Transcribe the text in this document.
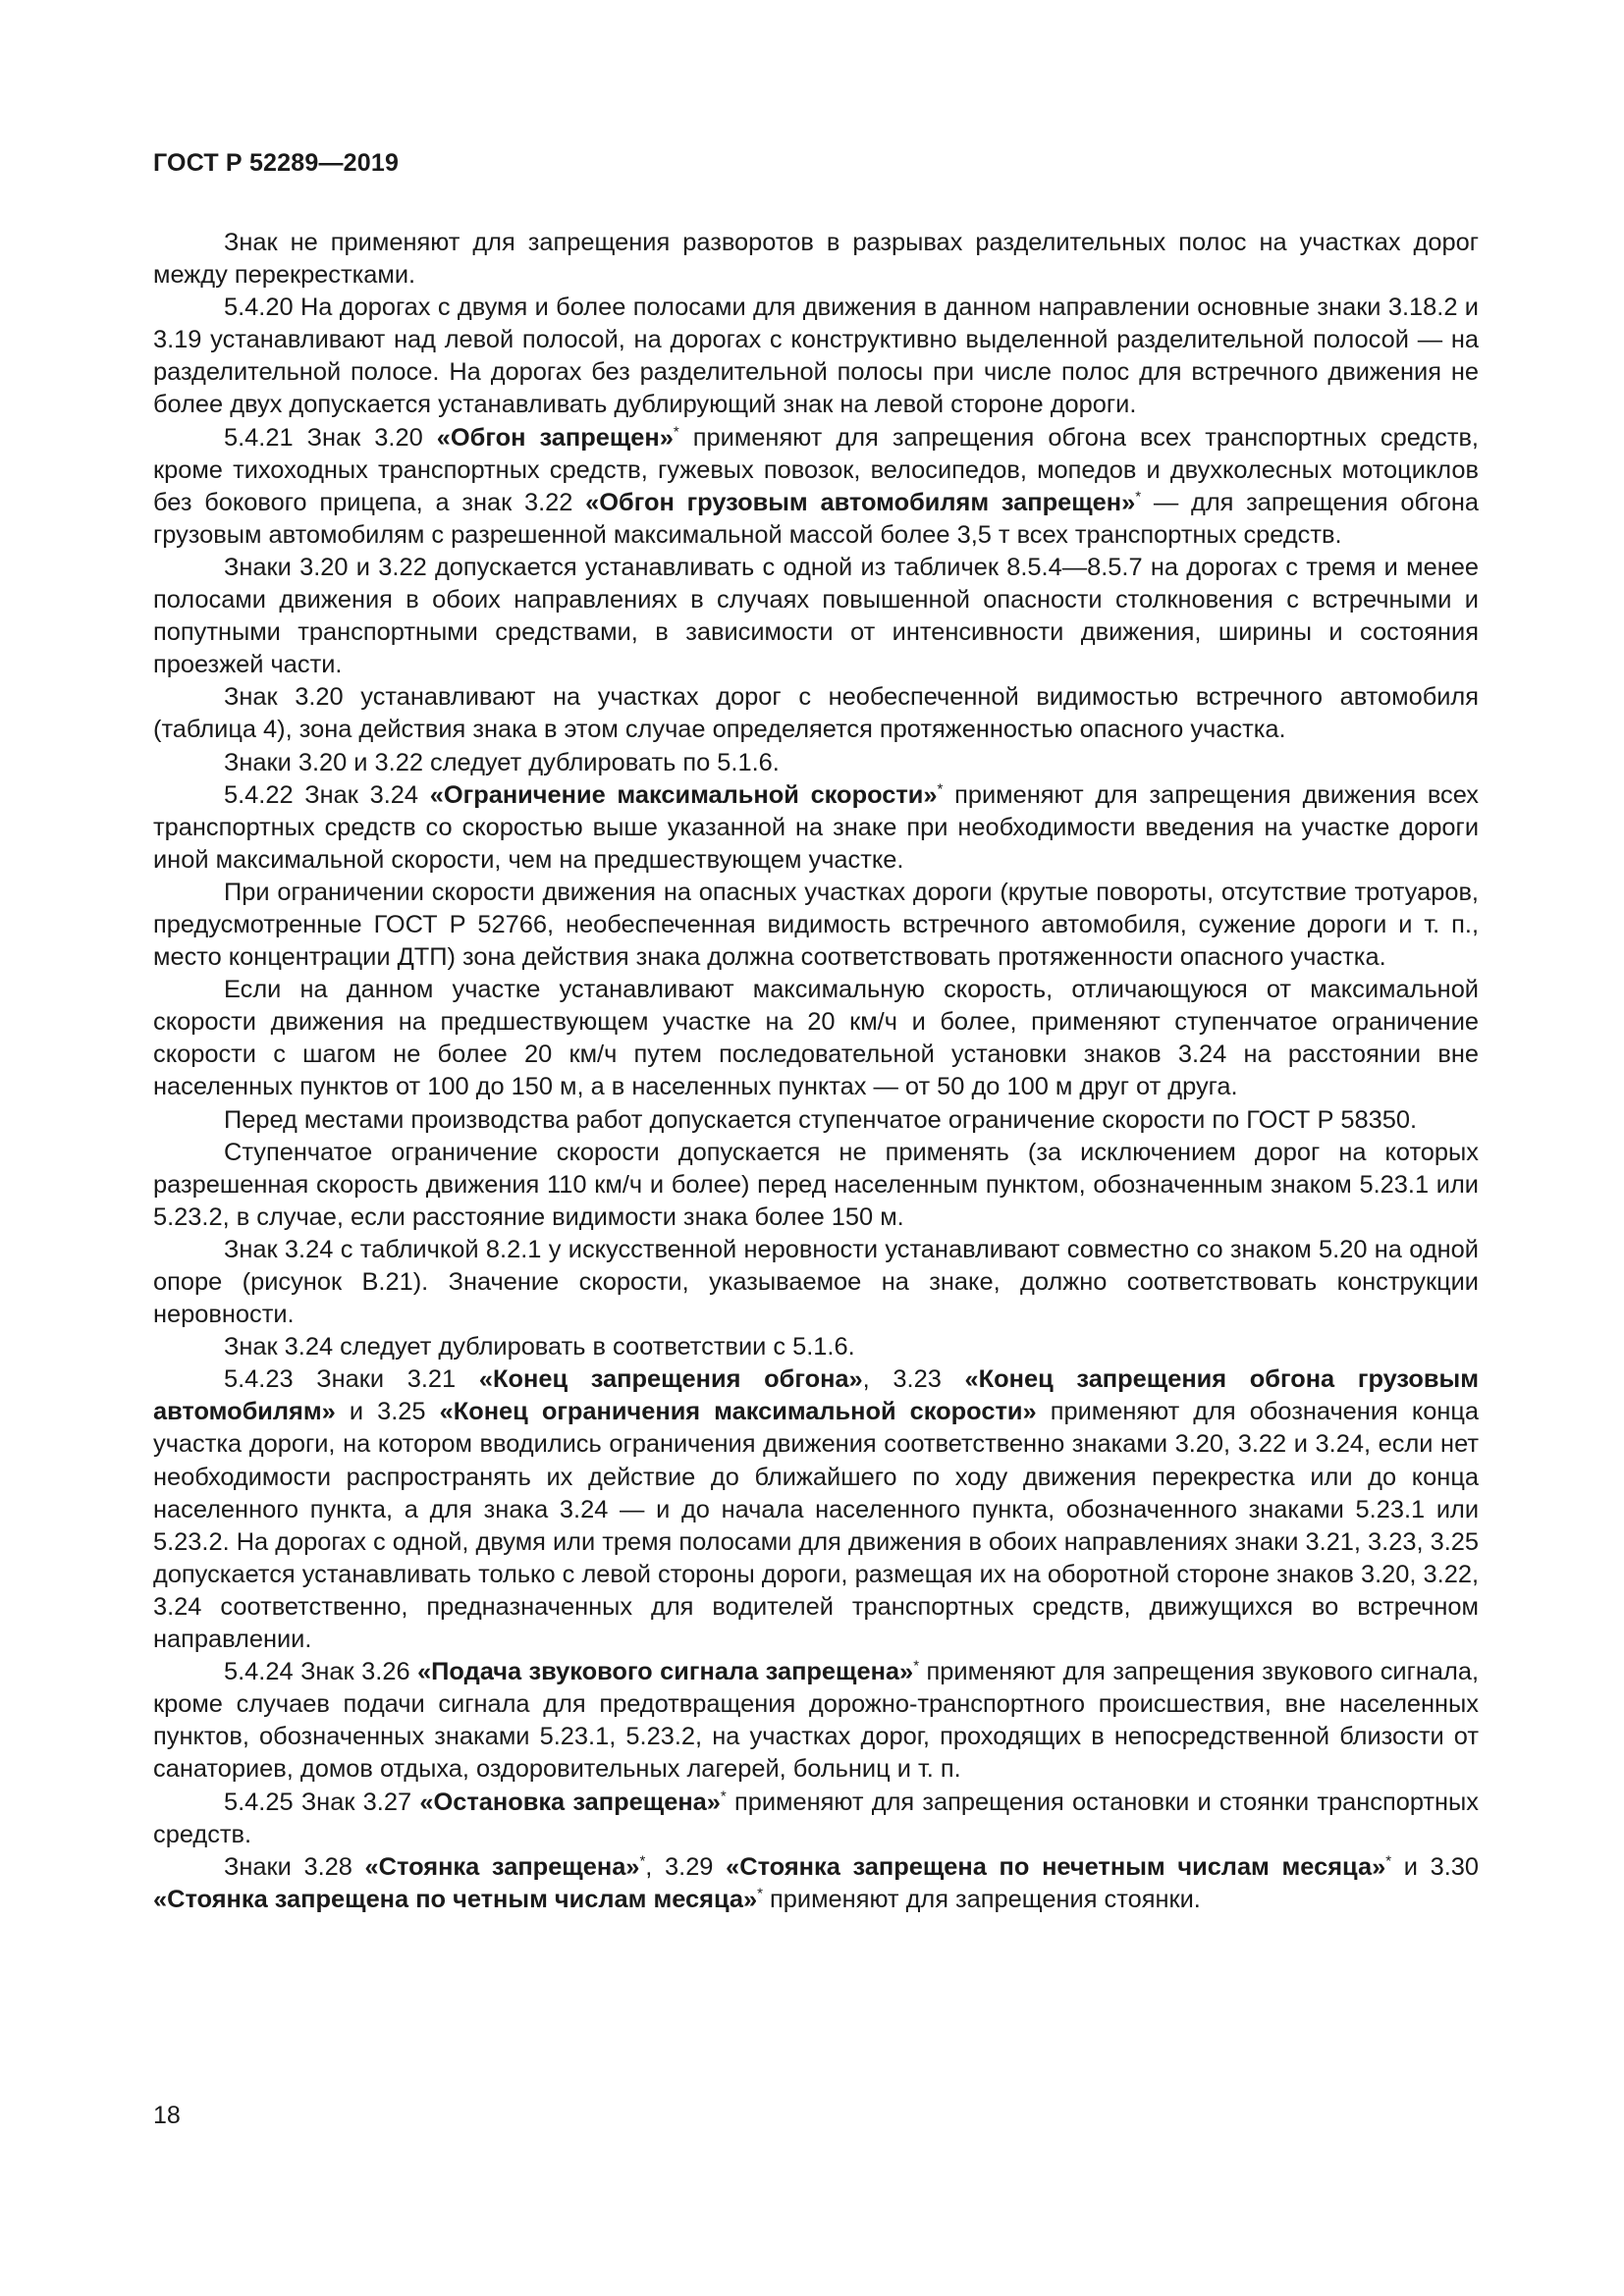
ГОСТ Р 52289—2019

Знак не применяют для запрещения разворотов в разрывах разделительных полос на участках дорог между перекрестками.

5.4.20 На дорогах с двумя и более полосами для движения в данном направлении основные знаки 3.18.2 и 3.19 устанавливают над левой полосой, на дорогах с конструктивно выделенной разделительной полосой — на разделительной полосе. На дорогах без разделительной полосы при числе полос для встречного движения не более двух допускается устанавливать дублирующий знак на левой стороне дороги.

5.4.21 Знак 3.20 «Обгон запрещен»* применяют для запрещения обгона всех транспортных средств, кроме тихоходных транспортных средств, гужевых повозок, велосипедов, мопедов и двухколесных мотоциклов без бокового прицепа, а знак 3.22 «Обгон грузовым автомобилям запрещен»* — для запрещения обгона грузовым автомобилям с разрешенной максимальной массой более 3,5 т всех транспортных средств.

Знаки 3.20 и 3.22 допускается устанавливать с одной из табличек 8.5.4—8.5.7 на дорогах с тремя и менее полосами движения в обоих направлениях в случаях повышенной опасности столкновения с встречными и попутными транспортными средствами, в зависимости от интенсивности движения, ширины и состояния проезжей части.

Знак 3.20 устанавливают на участках дорог с необеспеченной видимостью встречного автомобиля (таблица 4), зона действия знака в этом случае определяется протяженностью опасного участка.

Знаки 3.20 и 3.22 следует дублировать по 5.1.6.

5.4.22 Знак 3.24 «Ограничение максимальной скорости»* применяют для запрещения движения всех транспортных средств со скоростью выше указанной на знаке при необходимости введения на участке дороги иной максимальной скорости, чем на предшествующем участке.

При ограничении скорости движения на опасных участках дороги (крутые повороты, отсутствие тротуаров, предусмотренные ГОСТ Р 52766, необеспеченная видимость встречного автомобиля, сужение дороги и т. п., место концентрации ДТП) зона действия знака должна соответствовать протяженности опасного участка.

Если на данном участке устанавливают максимальную скорость, отличающуюся от максимальной скорости движения на предшествующем участке на 20 км/ч и более, применяют ступенчатое ограничение скорости с шагом не более 20 км/ч путем последовательной установки знаков 3.24 на расстоянии вне населенных пунктов от 100 до 150 м, а в населенных пунктах — от 50 до 100 м друг от друга.

Перед местами производства работ допускается ступенчатое ограничение скорости по ГОСТ Р 58350.

Ступенчатое ограничение скорости допускается не применять (за исключением дорог на которых разрешенная скорость движения 110 км/ч и более) перед населенным пунктом, обозначенным знаком 5.23.1 или 5.23.2, в случае, если расстояние видимости знака более 150 м.

Знак 3.24 с табличкой 8.2.1 у искусственной неровности устанавливают совместно со знаком 5.20 на одной опоре (рисунок В.21). Значение скорости, указываемое на знаке, должно соответствовать конструкции неровности.

Знак 3.24 следует дублировать в соответствии с 5.1.6.

5.4.23 Знаки 3.21 «Конец запрещения обгона», 3.23 «Конец запрещения обгона грузовым автомобилям» и 3.25 «Конец ограничения максимальной скорости» применяют для обозначения конца участка дороги, на котором вводились ограничения движения соответственно знаками 3.20, 3.22 и 3.24, если нет необходимости распространять их действие до ближайшего по ходу движения перекрестка или до конца населенного пункта, а для знака 3.24 — и до начала населенного пункта, обозначенного знаками 5.23.1 или 5.23.2. На дорогах с одной, двумя или тремя полосами для движения в обоих направлениях знаки 3.21, 3.23, 3.25 допускается устанавливать только с левой стороны дороги, размещая их на оборотной стороне знаков 3.20, 3.22, 3.24 соответственно, предназначенных для водителей транспортных средств, движущихся во встречном направлении.

5.4.24 Знак 3.26 «Подача звукового сигнала запрещена»* применяют для запрещения звукового сигнала, кроме случаев подачи сигнала для предотвращения дорожно-транспортного происшествия, вне населенных пунктов, обозначенных знаками 5.23.1, 5.23.2, на участках дорог, проходящих в непосредственной близости от санаториев, домов отдыха, оздоровительных лагерей, больниц и т. п.

5.4.25 Знак 3.27 «Остановка запрещена»* применяют для запрещения остановки и стоянки транспортных средств.

Знаки 3.28 «Стоянка запрещена»*, 3.29 «Стоянка запрещена по нечетным числам месяца»* и 3.30 «Стоянка запрещена по четным числам месяца»* применяют для запрещения стоянки.

18
